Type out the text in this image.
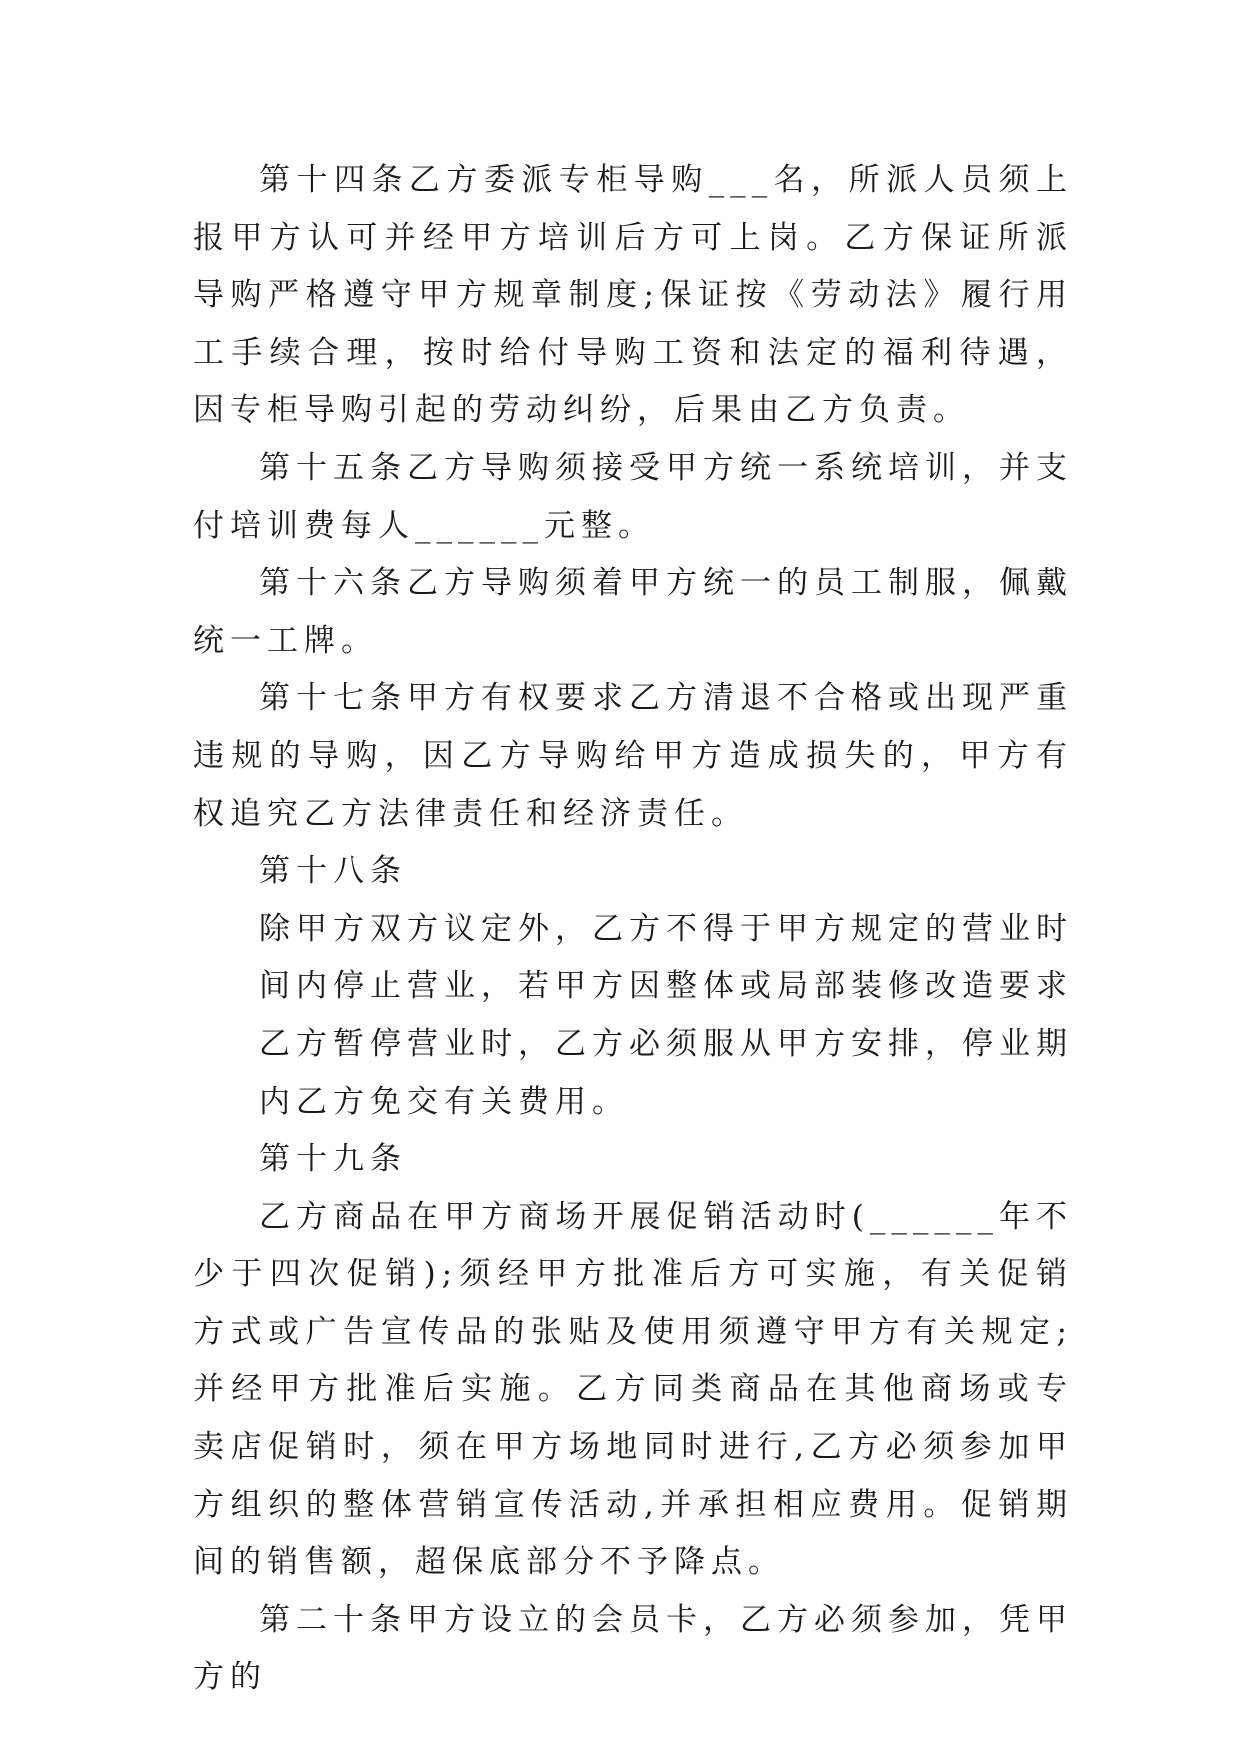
第十四条乙方委派专柜导购___名，所派人员须上报甲方认可并经甲方培训后方可上岗。乙方保证所派导购严格遵守甲方规章制度;保证按《劳动法》履行用工手续合理，按时给付导购工资和法定的福利待遇，因专柜导购引起的劳动纠纷，后果由乙方负责。

第十五条乙方导购须接受甲方统一系统培训，并支付培训费每人______元整。

第十六条乙方导购须着甲方统一的员工制服，佩戴统一工牌。

第十七条甲方有权要求乙方清退不合格或出现严重违规的导购，因乙方导购给甲方造成损失的，甲方有权追究乙方法律责任和经济责任。

第十八条

除甲方双方议定外，乙方不得于甲方规定的营业时间内停止营业，若甲方因整体或局部装修改造要求乙方暂停营业时，乙方必须服从甲方安排，停业期内乙方免交有关费用。

第十九条

乙方商品在甲方商场开展促销活动时(______年不少于四次促销);须经甲方批准后方可实施，有关促销方式或广告宣传品的张贴及使用须遵守甲方有关规定;并经甲方批准后实施。乙方同类商品在其他商场或专卖店促销时，须在甲方场地同时进行,乙方必须参加甲方组织的整体营销宣传活动,并承担相应费用。促销期间的销售额，超保底部分不予降点。

第二十条甲方设立的会员卡，乙方必须参加，凭甲方的
